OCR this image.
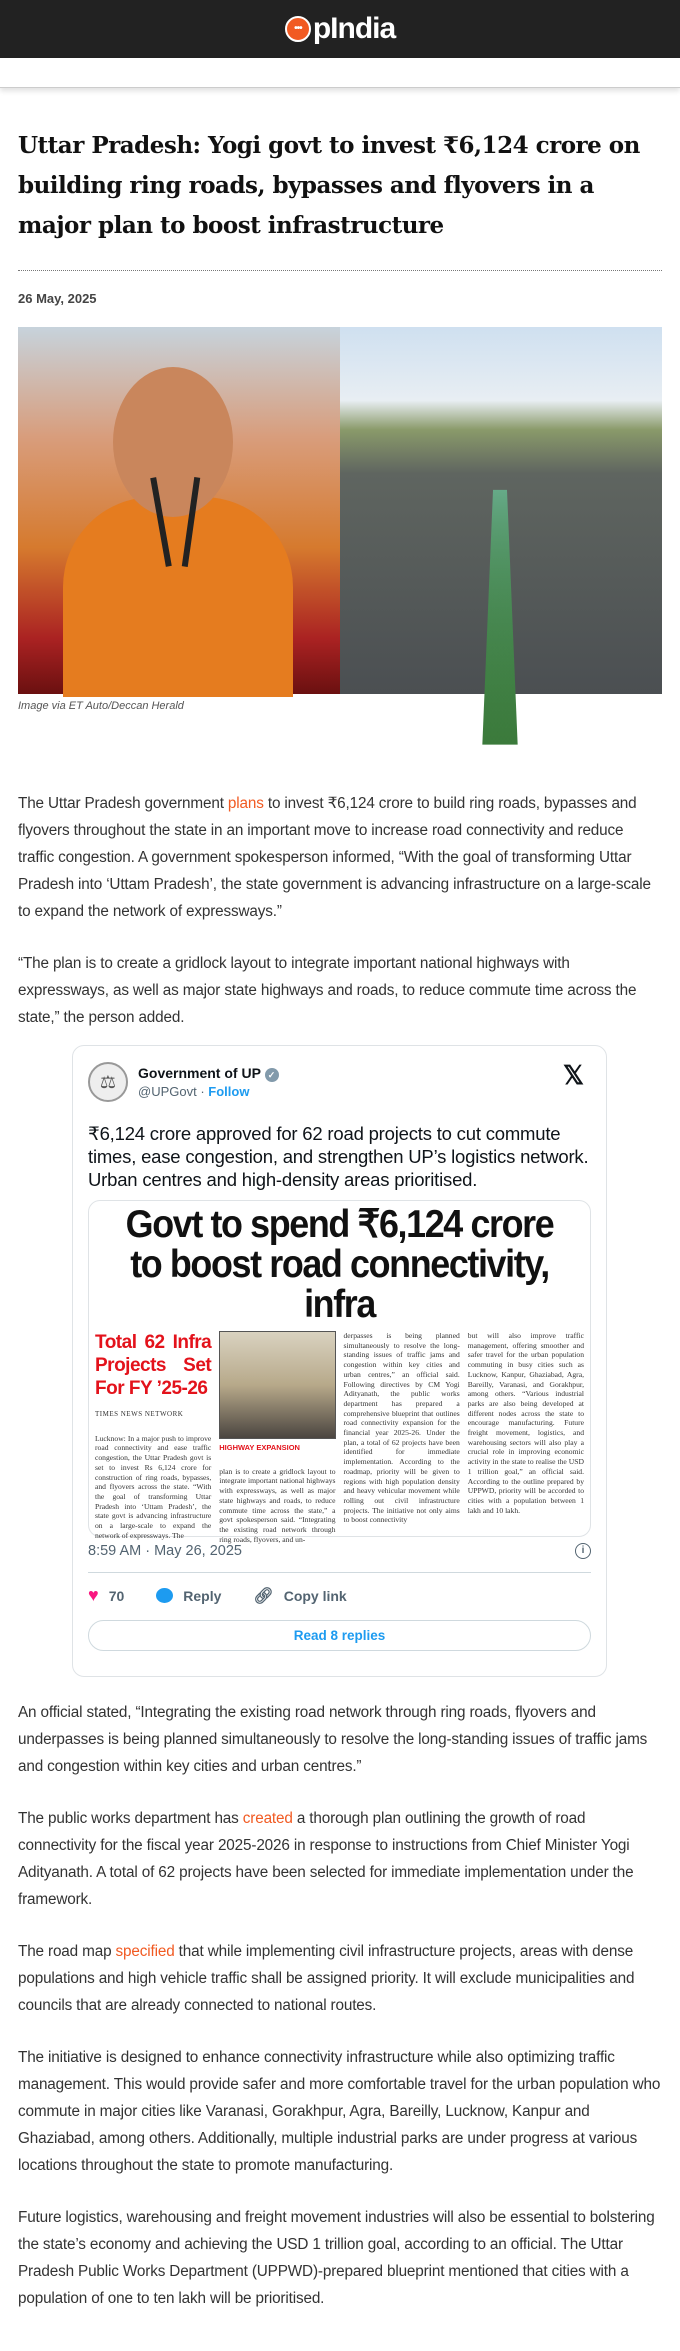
••• pIndia
Uttar Pradesh: Yogi govt to invest ₹6,124 crore on building ring roads, bypasses and flyovers in a major plan to boost infrastructure
26 May, 2025
Image via ET Auto/Deccan Herald

The Uttar Pradesh government plans to invest ₹6,124 crore to build ring roads, bypasses and flyovers throughout the state in an important move to increase road connectivity and reduce traffic congestion. A government spokesperson informed, “With the goal of transforming Uttar Pradesh into ‘Uttam Pradesh’, the state government is advancing infrastructure on a large-scale to expand the network of expressways.”

“The plan is to create a gridlock layout to integrate important national highways with expressways, as well as major state highways and roads, to reduce commute time across the state,” the person added.

⚖	Government of UP ✓
@UPGovt · Follow
𝕏
₹6,124 crore approved for 62 road projects to cut commute times, ease congestion, and strengthen UP’s logistics network. Urban centres and high-density areas prioritised.
Govt to spend ₹6,124 crore to boost road connectivity, infra
Total 62 Infra Projects Set For FY ’25-26
TIMES NEWS NETWORK
Lucknow: In a major push to improve road connectivity and ease traffic congestion, the Uttar Pradesh govt is set to invest Rs 6,124 crore for construction of ring roads, bypasses, and flyovers across the state. “With the goal of transforming Uttar Pradesh into ‘Uttam Pradesh’, the state govt is advancing infrastructure on a large-scale to expand the network of expressways. The
HIGHWAY EXPANSION
plan is to create a gridlock layout to integrate important national highways with expressways, as well as major state highways and roads, to reduce commute time across the state,” a govt spokesperson said. “Integrating the existing road network through ring roads, flyovers, and un-
derpasses is being planned simultaneously to resolve the long-standing issues of traffic jams and congestion within key cities and urban centres,” an official said. Following directives by CM Yogi Adityanath, the public works department has prepared a comprehensive blueprint that outlines road connectivity expansion for the financial year 2025-26. Under the plan, a total of 62 projects have been identified for immediate implementation. According to the roadmap, priority will be given to regions with high population density and heavy vehicular movement while rolling out civil infrastructure projects. The initiative not only aims to boost connectivity
but will also improve traffic management, offering smoother and safer travel for the urban population commuting in busy cities such as Lucknow, Kanpur, Ghaziabad, Agra, Bareilly, Varanasi, and Gorakhpur, among others. “Various industrial parks are also being developed at different nodes across the state to encourage manufacturing. Future freight movement, logistics, and warehousing sectors will also play a crucial role in improving economic activity in the state to realise the USD 1 trillion goal,” an official said. According to the outline prepared by UPPWD, priority will be accorded to cities with a population between 1 lakh and 10 lakh.
8:59 AM · May 26, 2025	i
♥ 70	Reply 🔗︎ Copy link
Read 8 replies

An official stated, “Integrating the existing road network through ring roads, flyovers and underpasses is being planned simultaneously to resolve the long-standing issues of traffic jams and congestion within key cities and urban centres.”

The public works department has created a thorough plan outlining the growth of road connectivity for the fiscal year 2025-2026 in response to instructions from Chief Minister Yogi Adityanath. A total of 62 projects have been selected for immediate implementation under the framework.

The road map specified that while implementing civil infrastructure projects, areas with dense populations and high vehicle traffic shall be assigned priority. It will exclude municipalities and councils that are already connected to national routes.

The initiative is designed to enhance connectivity infrastructure while also optimizing traffic management. This would provide safer and more comfortable travel for the urban population who commute in major cities like Varanasi, Gorakhpur, Agra, Bareilly, Lucknow, Kanpur and Ghaziabad, among others. Additionally, multiple industrial parks are under progress at various locations throughout the state to promote manufacturing.

Future logistics, warehousing and freight movement industries will also be essential to bolstering the state’s economy and achieving the USD 1 trillion goal, according to an official. The Uttar Pradesh Public Works Department (UPPWD)-prepared blueprint mentioned that cities with a population of one to ten lakh will be prioritised.
